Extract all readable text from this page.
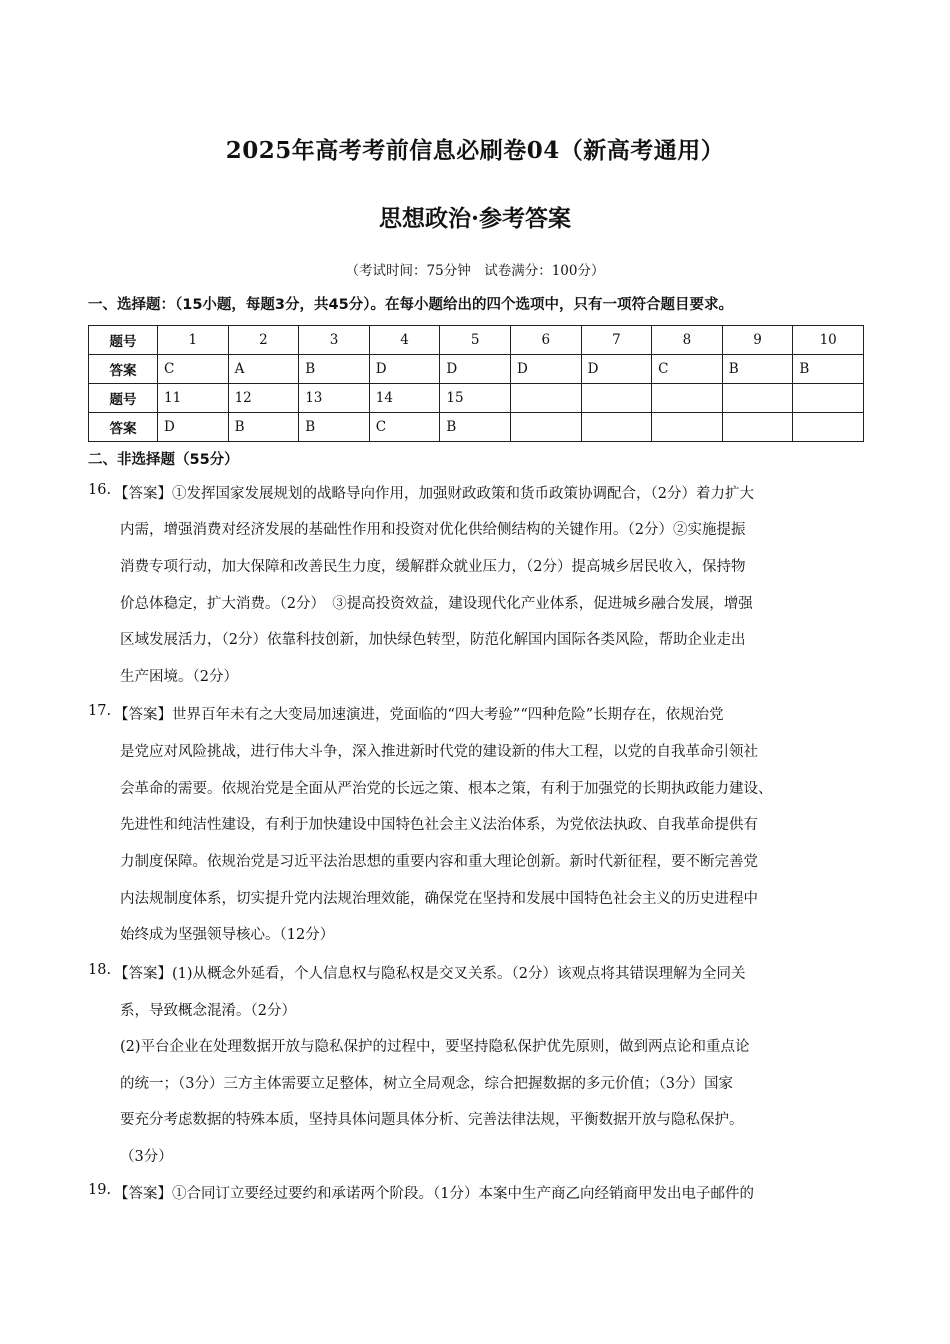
2025年高考考前信息必刷卷04（新高考通用）
思想政治·参考答案
（考试时间：75分钟　试卷满分：100分）
一、选择题：（15小题，每题3分，共45分）。在每小题给出的四个选项中，只有一项符合题目要求。
题号	1	2	3	4	5	6	7	8	9	10
答案	C	A	B	D	D	D	D	C	B	B
题号	11	12	13	14	15					
答案	D	B	B	C	B					
二、非选择题（55分）
16. 【答案】①发挥国家发展规划的战略导向作用，加强财政政策和货币政策协调配合，（2分）着力扩大
内需，增强消费对经济发展的基础性作用和投资对优化供给侧结构的关键作用。（2分）②实施提振
消费专项行动，加大保障和改善民生力度，缓解群众就业压力，（2分）提高城乡居民收入，保持物
价总体稳定，扩大消费。（2分）　③提高投资效益，建设现代化产业体系，促进城乡融合发展，增强
区域发展活力，（2分）依靠科技创新，加快绿色转型，防范化解国内国际各类风险，帮助企业走出
生产困境。（2分）
17. 【答案】世界百年未有之大变局加速演进，党面临的“四大考验”“四种危险”长期存在，依规治党
是党应对风险挑战，进行伟大斗争，深入推进新时代党的建设新的伟大工程，以党的自我革命引领社
会革命的需要。依规治党是全面从严治党的长远之策、根本之策，有利于加强党的长期执政能力建设、
先进性和纯洁性建设，有利于加快建设中国特色社会主义法治体系，为党依法执政、自我革命提供有
力制度保障。依规治党是习近平法治思想的重要内容和重大理论创新。新时代新征程，要不断完善党
内法规制度体系，切实提升党内法规治理效能，确保党在坚持和发展中国特色社会主义的历史进程中
始终成为坚强领导核心。（12分）
18. 【答案】(1)从概念外延看，个人信息权与隐私权是交叉关系。（2分）该观点将其错误理解为全同关
系，导致概念混淆。（2分）
(2)平台企业在处理数据开放与隐私保护的过程中，要坚持隐私保护优先原则，做到两点论和重点论
的统一；（3分）三方主体需要立足整体，树立全局观念，综合把握数据的多元价值；（3分）国家
要充分考虑数据的特殊本质，坚持具体问题具体分析、完善法律法规，平衡数据开放与隐私保护。
（3分）
19. 【答案】①合同订立要经过要约和承诺两个阶段。（1分）本案中生产商乙向经销商甲发出电子邮件的
